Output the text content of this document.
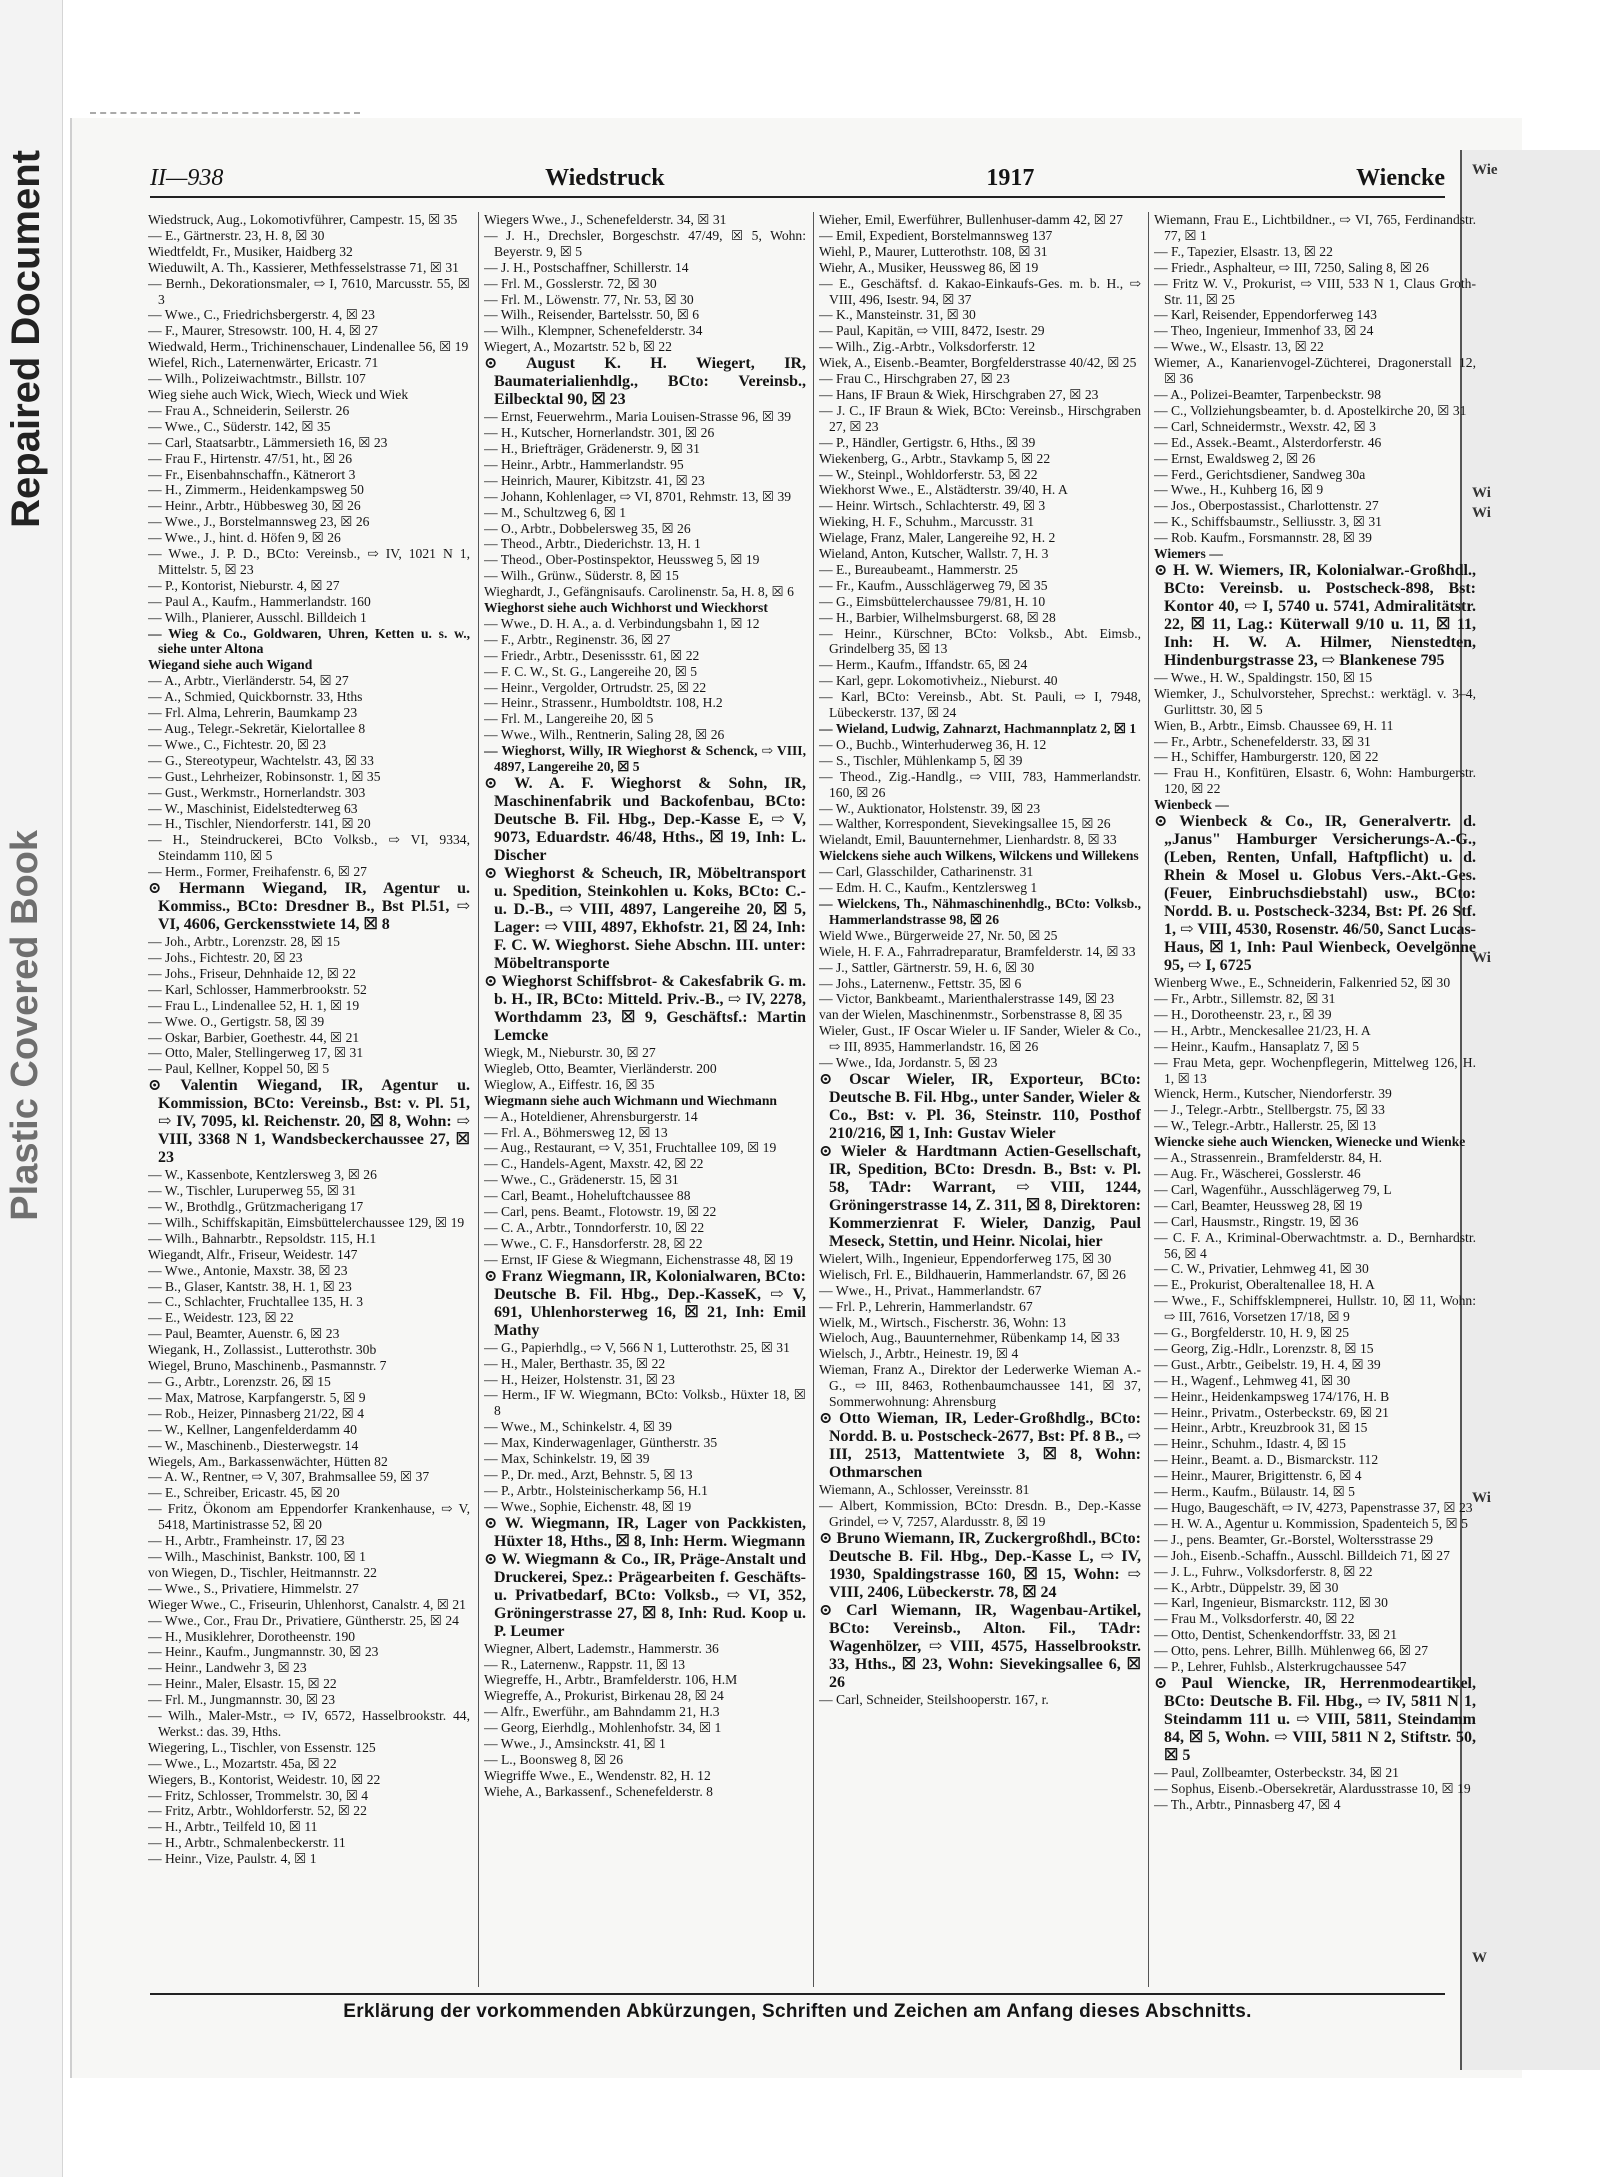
Repaired Document
Plastic Covered Book
Wie
Wi
Wi
Wi
Wi
W
II—938	Wiedstruck	1917	Wiencke
Wiedstruck, Aug., Lokomotivführer, Campestr. 15, ☒ 35
— E., Gärtnerstr. 23, H. 8, ☒ 30
Wiedtfeldt, Fr., Musiker, Haidberg 32
Wieduwilt, A. Th., Kassierer, Methfesselstrasse 71, ☒ 31
— Bernh., Dekorationsmaler, ⇨ I, 7610, Marcusstr. 55, ☒ 3
— Wwe., C., Friedrichsbergerstr. 4, ☒ 23
— F., Maurer, Stresowstr. 100, H. 4, ☒ 27
Wiedwald, Herm., Trichinenschauer, Lindenallee 56, ☒ 19
Wiefel, Rich., Laternenwärter, Ericastr. 71
— Wilh., Polizeiwachtmstr., Billstr. 107
Wieg siehe auch Wick, Wiech, Wieck und Wiek
— Frau A., Schneiderin, Seilerstr. 26
— Wwe., C., Süderstr. 142, ☒ 35
— Carl, Staatsarbtr., Lämmersieth 16, ☒ 23
— Frau F., Hirtenstr. 47/51, ht., ☒ 26
— Fr., Eisenbahnschaffn., Kätnerort 3
— H., Zimmerm., Heidenkampsweg 50
— Heinr., Arbtr., Hübbesweg 30, ☒ 26
— Wwe., J., Borstelmannsweg 23, ☒ 26
— Wwe., J., hint. d. Höfen 9, ☒ 26
— Wwe., J. P. D., BCto: Vereinsb., ⇨ IV, 1021 N 1, Mittelstr. 5, ☒ 23
— P., Kontorist, Nieburstr. 4, ☒ 27
— Paul A., Kaufm., Hammerlandstr. 160
— Wilh., Planierer, Ausschl. Billdeich 1
— Wieg & Co., Goldwaren, Uhren, Ketten u. s. w., siehe unter Altona
Wiegand siehe auch Wigand
— A., Arbtr., Vierländerstr. 54, ☒ 27
— A., Schmied, Quickbornstr. 33, Hths
— Frl. Alma, Lehrerin, Baumkamp 23
— Aug., Telegr.-Sekretär, Kielortallee 8
— Wwe., C., Fichtestr. 20, ☒ 23
— G., Stereotypeur, Wachtelstr. 43, ☒ 33
— Gust., Lehrheizer, Robinsonstr. 1, ☒ 35
— Gust., Werkmstr., Hornerlandstr. 303
— W., Maschinist, Eidelstedterweg 63
— H., Tischler, Niendorferstr. 141, ☒ 20
— H., Steindruckerei, BCto Volksb., ⇨ VI, 9334, Steindamm 110, ☒ 5
— Herm., Former, Freihafenstr. 6, ☒ 27
⊙ Hermann Wiegand, IR, Agentur u. Kommiss., BCto: Dresdner B., Bst Pl.51, ⇨ VI, 4606, Gerckensstwiete 14, ☒ 8
— Joh., Arbtr., Lorenzstr. 28, ☒ 15
— Johs., Fichtestr. 20, ☒ 23
— Johs., Friseur, Dehnhaide 12, ☒ 22
— Karl, Schlosser, Hammerbrookstr. 52
— Frau L., Lindenallee 52, H. 1, ☒ 19
— Wwe. O., Gertigstr. 58, ☒ 39
— Oskar, Barbier, Goethestr. 44, ☒ 21
— Otto, Maler, Stellingerweg 17, ☒ 31
— Paul, Kellner, Koppel 50, ☒ 5
⊙ Valentin Wiegand, IR, Agentur u. Kommission, BCto: Vereinsb., Bst: v. Pl. 51, ⇨ IV, 7095, kl. Reichenstr. 20, ☒ 8, Wohn: ⇨ VIII, 3368 N 1, Wandsbeckerchaussee 27, ☒ 23
— W., Kassenbote, Kentzlersweg 3, ☒ 26
— W., Tischler, Luruperweg 55, ☒ 31
— W., Brothdlg., Grützmacherigang 17
— Wilh., Schiffskapitän, Eimsbüttelerchaussee 129, ☒ 19
— Wilh., Bahnarbtr., Repsoldstr. 115, H.1
Wiegandt, Alfr., Friseur, Weidestr. 147
— Wwe., Antonie, Maxstr. 38, ☒ 23
— B., Glaser, Kantstr. 38, H. 1, ☒ 23
— C., Schlachter, Fruchtallee 135, H. 3
— E., Weidestr. 123, ☒ 22
— Paul, Beamter, Auenstr. 6, ☒ 23
Wiegank, H., Zollassist., Lutterothstr. 30b
Wiegel, Bruno, Maschinenb., Pasmannstr. 7
— G., Arbtr., Lorenzstr. 26, ☒ 15
— Max, Matrose, Karpfangerstr. 5, ☒ 9
— Rob., Heizer, Pinnasberg 21/22, ☒ 4
— W., Kellner, Langenfelderdamm 40
— W., Maschinenb., Diesterwegstr. 14
Wiegels, Am., Barkassenwächter, Hütten 82
— A. W., Rentner, ⇨ V, 307, Brahmsallee 59, ☒ 37
— E., Schreiber, Ericastr. 45, ☒ 20
— Fritz, Ökonom am Eppendorfer Krankenhause, ⇨ V, 5418, Martinistrasse 52, ☒ 20
— H., Arbtr., Framheinstr. 17, ☒ 23
— Wilh., Maschinist, Bankstr. 100, ☒ 1
von Wiegen, D., Tischler, Heitmannstr. 22
— Wwe., S., Privatiere, Himmelstr. 27
Wieger Wwe., C., Friseurin, Uhlenhorst, Canalstr. 4, ☒ 21
— Wwe., Cor., Frau Dr., Privatiere, Güntherstr. 25, ☒ 24
— H., Musiklehrer, Dorotheenstr. 190
— Heinr., Kaufm., Jungmannstr. 30, ☒ 23
— Heinr., Landwehr 3, ☒ 23
— Heinr., Maler, Elsastr. 15, ☒ 22
— Frl. M., Jungmannstr. 30, ☒ 23
— Wilh., Maler-Mstr., ⇨ IV, 6572, Hasselbrookstr. 44, Werkst.: das. 39, Hths.
Wiegering, L., Tischler, von Essenstr. 125
— Wwe., L., Mozartstr. 45a, ☒ 22
Wiegers, B., Kontorist, Weidestr. 10, ☒ 22
— Fritz, Schlosser, Trommelstr. 30, ☒ 4
— Fritz, Arbtr., Wohldorferstr. 52, ☒ 22
— H., Arbtr., Teilfeld 10, ☒ 11
— H., Arbtr., Schmalenbeckerstr. 11
— Heinr., Vize, Paulstr. 4, ☒ 1
Wiegers Wwe., J., Schenefelderstr. 34, ☒ 31
— J. H., Drechsler, Borgeschstr. 47/49, ☒ 5, Wohn: Beyerstr. 9, ☒ 5
— J. H., Postschaffner, Schillerstr. 14
— Frl. M., Gosslerstr. 72, ☒ 30
— Frl. M., Löwenstr. 77, Nr. 53, ☒ 30
— Wilh., Reisender, Bartelsstr. 50, ☒ 6
— Wilh., Klempner, Schenefelderstr. 34
Wiegert, A., Mozartstr. 52 b, ☒ 22
⊙ August K. H. Wiegert, IR, Baumaterialienhdlg., BCto: Vereinsb., Eilbecktal 90, ☒ 23
— Ernst, Feuerwehrm., Maria Louisen-Strasse 96, ☒ 39
— H., Kutscher, Hornerlandstr. 301, ☒ 26
— H., Briefträger, Grädenerstr. 9, ☒ 31
— Heinr., Arbtr., Hammerlandstr. 95
— Heinrich, Maurer, Kibitzstr. 41, ☒ 23
— Johann, Kohlenlager, ⇨ VI, 8701, Rehmstr. 13, ☒ 39
— M., Schultzweg 6, ☒ 1
— O., Arbtr., Dobbelersweg 35, ☒ 26
— Theod., Arbtr., Diederichstr. 13, H. 1
— Theod., Ober-Postinspektor, Heussweg 5, ☒ 19
— Wilh., Grünw., Süderstr. 8, ☒ 15
Wieghardt, J., Gefängnisaufs. Carolinenstr. 5a, H. 8, ☒ 6
Wieghorst siehe auch Wichhorst und Wieckhorst
— Wwe., D. H. A., a. d. Verbindungsbahn 1, ☒ 12
— F., Arbtr., Reginenstr. 36, ☒ 27
— Friedr., Arbtr., Desenissstr. 61, ☒ 22
— F. C. W., St. G., Langereihe 20, ☒ 5
— Heinr., Vergolder, Ortrudstr. 25, ☒ 22
— Heinr., Strassenr., Humboldtstr. 108, H.2
— Frl. M., Langereihe 20, ☒ 5
— Wwe., Wilh., Rentnerin, Saling 28, ☒ 26
— Wieghorst, Willy, IR Wieghorst & Schenck, ⇨ VIII, 4897, Langereihe 20, ☒ 5
⊙ W. A. F. Wieghorst & Sohn, IR, Maschinenfabrik und Backofenbau, BCto: Deutsche B. Fil. Hbg., Dep.-Kasse E, ⇨ V, 9073, Eduardstr. 46/48, Hths., ☒ 19, Inh: L. Discher
⊙ Wieghorst & Scheuch, IR, Möbeltransport u. Spedition, Steinkohlen u. Koks, BCto: C.- u. D.-B., ⇨ VIII, 4897, Langereihe 20, ☒ 5, Lager: ⇨ VIII, 4897, Ekhofstr. 21, ☒ 24, Inh: F. C. W. Wieghorst. Siehe Abschn. III. unter: Möbeltransporte
⊙ Wieghorst Schiffsbrot- & Cakesfabrik G. m. b. H., IR, BCto: Mitteld. Priv.-B., ⇨ IV, 2278, Worthdamm 23, ☒ 9, Geschäftsf.: Martin Lemcke
Wiegk, M., Nieburstr. 30, ☒ 27
Wiegleb, Otto, Beamter, Vierländerstr. 200
Wieglow, A., Eiffestr. 16, ☒ 35
Wiegmann siehe auch Wichmann und Wiechmann
— A., Hoteldiener, Ahrensburgerstr. 14
— Frl. A., Böhmersweg 12, ☒ 13
— Aug., Restaurant, ⇨ V, 351, Fruchtallee 109, ☒ 19
— C., Handels-Agent, Maxstr. 42, ☒ 22
— Wwe., C., Grädenerstr. 15, ☒ 31
— Carl, Beamt., Hoheluftchaussee 88
— Carl, pens. Beamt., Flotowstr. 19, ☒ 22
— C. A., Arbtr., Tonndorferstr. 10, ☒ 22
— Wwe., C. F., Hansdorferstr. 28, ☒ 22
— Ernst, IF Giese & Wiegmann, Eichenstrasse 48, ☒ 19
⊙ Franz Wiegmann, IR, Kolonialwaren, BCto: Deutsche B. Fil. Hbg., Dep.-KasseK, ⇨ V, 691, Uhlenhorsterweg 16, ☒ 21, Inh: Emil Mathy
— G., Papierhdlg., ⇨ V, 566 N 1, Lutterothstr. 25, ☒ 31
— H., Maler, Berthastr. 35, ☒ 22
— H., Heizer, Holstenstr. 31, ☒ 23
— Herm., IF W. Wiegmann, BCto: Volksb., Hüxter 18, ☒ 8
— Wwe., M., Schinkelstr. 4, ☒ 39
— Max, Kinderwagenlager, Güntherstr. 35
— Max, Schinkelstr. 19, ☒ 39
— P., Dr. med., Arzt, Behnstr. 5, ☒ 13
— P., Arbtr., Holsteinischerkamp 56, H.1
— Wwe., Sophie, Eichenstr. 48, ☒ 19
⊙ W. Wiegmann, IR, Lager von Packkisten, Hüxter 18, Hths., ☒ 8, Inh: Herm. Wiegmann
⊙ W. Wiegmann & Co., IR, Präge-Anstalt und Druckerei, Spez.: Prägearbeiten f. Geschäfts- u. Privatbedarf, BCto: Volksb., ⇨ VI, 352, Gröningerstrasse 27, ☒ 8, Inh: Rud. Koop u. P. Leumer
Wiegner, Albert, Lademstr., Hammerstr. 36
— R., Laternenw., Rappstr. 11, ☒ 13
Wiegreffe, H., Arbtr., Bramfelderstr. 106, H.M
Wiegreffe, A., Prokurist, Birkenau 28, ☒ 24
— Alfr., Ewerführ., am Bahndamm 21, H.3
— Georg, Eierhdlg., Mohlenhofstr. 34, ☒ 1
— Wwe., J., Amsinckstr. 41, ☒ 1
— L., Boonsweg 8, ☒ 26
Wiegriffe Wwe., E., Wendenstr. 82, H. 12
Wiehe, A., Barkassenf., Schenefelderstr. 8
Wieher, Emil, Ewerführer, Bullenhuser-damm 42, ☒ 27
— Emil, Expedient, Borstelmannsweg 137
Wiehl, P., Maurer, Lutterothstr. 108, ☒ 31
Wiehr, A., Musiker, Heussweg 86, ☒ 19
— E., Geschäftsf. d. Kakao-Einkaufs-Ges. m. b. H., ⇨ VIII, 496, Isestr. 94, ☒ 37
— K., Mansteinstr. 31, ☒ 30
— Paul, Kapitän, ⇨ VIII, 8472, Isestr. 29
— Wilh., Zig.-Arbtr., Volksdorferstr. 12
Wiek, A., Eisenb.-Beamter, Borgfelderstrasse 40/42, ☒ 25
— Frau C., Hirschgraben 27, ☒ 23
— Hans, IF Braun & Wiek, Hirschgraben 27, ☒ 23
— J. C., IF Braun & Wiek, BCto: Vereinsb., Hirschgraben 27, ☒ 23
— P., Händler, Gertigstr. 6, Hths., ☒ 39
Wiekenberg, G., Arbtr., Stavkamp 5, ☒ 22
— W., Steinpl., Wohldorferstr. 53, ☒ 22
Wiekhorst Wwe., E., Alstädterstr. 39/40, H. A
— Heinr. Wirtsch., Schlachterstr. 49, ☒ 3
Wieking, H. F., Schuhm., Marcusstr. 31
Wielage, Franz, Maler, Langereihe 92, H. 2
Wieland, Anton, Kutscher, Wallstr. 7, H. 3
— E., Bureaubeamt., Hammerstr. 25
— Fr., Kaufm., Ausschlägerweg 79, ☒ 35
— G., Eimsbüttelerchaussee 79/81, H. 10
— H., Barbier, Wilhelmsburgerst. 68, ☒ 28
— Heinr., Kürschner, BCto: Volksb., Abt. Eimsb., Grindelberg 35, ☒ 13
— Herm., Kaufm., Iffandstr. 65, ☒ 24
— Karl, gepr. Lokomotivheiz., Nieburst. 40
— Karl, BCto: Vereinsb., Abt. St. Pauli, ⇨ I, 7948, Lübeckerstr. 137, ☒ 24
— Wieland, Ludwig, Zahnarzt, Hachmannplatz 2, ☒ 1
— O., Buchb., Winterhuderweg 36, H. 12
— S., Tischler, Mühlenkamp 5, ☒ 39
— Theod., Zig.-Handlg., ⇨ VIII, 783, Hammerlandstr. 160, ☒ 26
— W., Auktionator, Holstenstr. 39, ☒ 23
— Walther, Korrespondent, Sievekingsallee 15, ☒ 26
Wielandt, Emil, Bauunternehmer, Lienhardstr. 8, ☒ 33
Wielckens siehe auch Wilkens, Wilckens und Willekens
— Carl, Glasschilder, Catharinenstr. 31
— Edm. H. C., Kaufm., Kentzlersweg 1
— Wielckens, Th., Nähmaschinenhdlg., BCto: Volksb., Hammerlandstrasse 98, ☒ 26
Wield Wwe., Bürgerweide 27, Nr. 50, ☒ 25
Wiele, H. F. A., Fahrradreparatur, Bramfelderstr. 14, ☒ 33
— J., Sattler, Gärtnerstr. 59, H. 6, ☒ 30
— Johs., Laternenw., Fettstr. 35, ☒ 6
— Victor, Bankbeamt., Marienthalerstrasse 149, ☒ 23
van der Wielen, Maschinenmstr., Sorbenstrasse 8, ☒ 35
Wieler, Gust., IF Oscar Wieler u. IF Sander, Wieler & Co., ⇨ III, 8935, Hammerlandstr. 16, ☒ 26
— Wwe., Ida, Jordanstr. 5, ☒ 23
⊙ Oscar Wieler, IR, Exporteur, BCto: Deutsche B. Fil. Hbg., unter Sander, Wieler & Co., Bst: v. Pl. 36, Steinstr. 110, Posthof 210/216, ☒ 1, Inh: Gustav Wieler
⊙ Wieler & Hardtmann Actien-Gesellschaft, IR, Spedition, BCto: Dresdn. B., Bst: v. Pl. 58, TAdr: Warrant, ⇨ VIII, 1244, Gröningerstrasse 14, Z. 311, ☒ 8, Direktoren: Kommerzienrat F. Wieler, Danzig, Paul Meseck, Stettin, und Heinr. Nicolai, hier
Wielert, Wilh., Ingenieur, Eppendorferweg 175, ☒ 30
Wielisch, Frl. E., Bildhauerin, Hammerlandstr. 67, ☒ 26
— Wwe., H., Privat., Hammerlandstr. 67
— Frl. P., Lehrerin, Hammerlandstr. 67
Wielk, M., Wirtsch., Fischerstr. 36, Wohn: 13
Wieloch, Aug., Bauunternehmer, Rübenkamp 14, ☒ 33
Wielsch, J., Arbtr., Heinestr. 19, ☒ 4
Wieman, Franz A., Direktor der Lederwerke Wieman A.-G., ⇨ III, 8463, Rothenbaumchaussee 141, ☒ 37, Sommerwohnung: Ahrensburg
⊙ Otto Wieman, IR, Leder-Großhdlg., BCto: Nordd. B. u. Postscheck-2677, Bst: Pf. 8 B., ⇨ III, 2513, Mattentwiete 3, ☒ 8, Wohn: Othmarschen
Wiemann, A., Schlosser, Vereinsstr. 81
— Albert, Kommission, BCto: Dresdn. B., Dep.-Kasse Grindel, ⇨ V, 7257, Alardusstr. 8, ☒ 19
⊙ Bruno Wiemann, IR, Zuckergroßhdl., BCto: Deutsche B. Fil. Hbg., Dep.-Kasse L, ⇨ IV, 1930, Spaldingstrasse 160, ☒ 15, Wohn: ⇨ VIII, 2406, Lübeckerstr. 78, ☒ 24
⊙ Carl Wiemann, IR, Wagenbau-Artikel, BCto: Vereinsb., Alton. Fil., TAdr: Wagenhölzer, ⇨ VIII, 4575, Hasselbrookstr. 33, Hths., ☒ 23, Wohn: Sievekingsallee 6, ☒ 26
— Carl, Schneider, Steilshooperstr. 167, r.
Wiemann, Frau E., Lichtbildner., ⇨ VI, 765, Ferdinandstr. 77, ☒ 1
— F., Tapezier, Elsastr. 13, ☒ 22
— Friedr., Asphalteur, ⇨ III, 7250, Saling 8, ☒ 26
— Fritz W. V., Prokurist, ⇨ VIII, 533 N 1, Claus Groth-Str. 11, ☒ 25
— Karl, Reisender, Eppendorferweg 143
— Theo, Ingenieur, Immenhof 33, ☒ 24
— Wwe., W., Elsastr. 13, ☒ 22
Wiemer, A., Kanarienvogel-Züchterei, Dragonerstall 12, ☒ 36
— A., Polizei-Beamter, Tarpenbeckstr. 98
— C., Vollziehungsbeamter, b. d. Apostelkirche 20, ☒ 31
— Carl, Schneidermstr., Wexstr. 42, ☒ 3
— Ed., Assek.-Beamt., Alsterdorferstr. 46
— Ernst, Ewaldsweg 2, ☒ 26
— Ferd., Gerichtsdiener, Sandweg 30a
— Wwe., H., Kuhberg 16, ☒ 9
— Jos., Oberpostassist., Charlottenstr. 27
— K., Schiffsbaumstr., Selliusstr. 3, ☒ 31
— Rob. Kaufm., Forsmannstr. 28, ☒ 39
Wiemers —
⊙ H. W. Wiemers, IR, Kolonialwar.-Großhdl., BCto: Vereinsb. u. Postscheck-898, Bst: Kontor 40, ⇨ I, 5740 u. 5741, Admiralitätstr. 22, ☒ 11, Lag.: Küterwall 9/10 u. 11, ☒ 11, Inh: H. W. A. Hilmer, Nienstedten, Hindenburgstrasse 23, ⇨ Blankenese 795
— Wwe., H. W., Spaldingstr. 150, ☒ 15
Wiemker, J., Schulvorsteher, Sprechst.: werktägl. v. 3–4, Gurlittstr. 30, ☒ 5
Wien, B., Arbtr., Eimsb. Chaussee 69, H. 11
— Fr., Arbtr., Schenefelderstr. 33, ☒ 31
— H., Schiffer, Hamburgerstr. 120, ☒ 22
— Frau H., Konfitüren, Elsastr. 6, Wohn: Hamburgerstr. 120, ☒ 22
Wienbeck —
⊙ Wienbeck & Co., IR, Generalvertr. d. „Janus" Hamburger Versicherungs-A.-G., (Leben, Renten, Unfall, Haftpflicht) u. d. Rhein & Mosel u. Globus Vers.-Akt.-Ges. (Feuer, Einbruchsdiebstahl) usw., BCto: Nordd. B. u. Postscheck-3234, Bst: Pf. 26 Stf. 1, ⇨ VIII, 4530, Rosenstr. 46/50, Sanct Lucas-Haus, ☒ 1, Inh: Paul Wienbeck, Oevelgönne 95, ⇨ I, 6725
Wienberg Wwe., E., Schneiderin, Falkenried 52, ☒ 30
— Fr., Arbtr., Sillemstr. 82, ☒ 31
— H., Dorotheenstr. 23, r., ☒ 39
— H., Arbtr., Menckesallee 21/23, H. A
— Heinr., Kaufm., Hansaplatz 7, ☒ 5
— Frau Meta, gepr. Wochenpflegerin, Mittelweg 126, H. 1, ☒ 13
Wienck, Herm., Kutscher, Niendorferstr. 39
— J., Telegr.-Arbtr., Stellbergstr. 75, ☒ 33
— W., Telegr.-Arbtr., Hallerstr. 25, ☒ 13
Wiencke siehe auch Wiencken, Wienecke und Wienke
— A., Strassenrein., Bramfelderstr. 84, H.
— Aug. Fr., Wäscherei, Gosslerstr. 46
— Carl, Wagenführ., Ausschlägerweg 79, L
— Carl, Beamter, Heussweg 28, ☒ 19
— Carl, Hausmstr., Ringstr. 19, ☒ 36
— C. F. A., Kriminal-Oberwachtmstr. a. D., Bernhardstr. 56, ☒ 4
— C. W., Privatier, Lehmweg 41, ☒ 30
— E., Prokurist, Oberaltenallee 18, H. A
— Wwe., F., Schiffsklempnerei, Hullstr. 10, ☒ 11, Wohn: ⇨ III, 7616, Vorsetzen 17/18, ☒ 9
— G., Borgfelderstr. 10, H. 9, ☒ 25
— Georg, Zig.-Hdlr., Lorenzstr. 8, ☒ 15
— Gust., Arbtr., Geibelstr. 19, H. 4, ☒ 39
— H., Wagenf., Lehmweg 41, ☒ 30
— Heinr., Heidenkampsweg 174/176, H. B
— Heinr., Privatm., Osterbeckstr. 69, ☒ 21
— Heinr., Arbtr., Kreuzbrook 31, ☒ 15
— Heinr., Schuhm., Idastr. 4, ☒ 15
— Heinr., Beamt. a. D., Bismarckstr. 112
— Heinr., Maurer, Brigittenstr. 6, ☒ 4
— Herm., Kaufm., Bülaustr. 14, ☒ 5
— Hugo, Baugeschäft, ⇨ IV, 4273, Papenstrasse 37, ☒ 23
— H. W. A., Agentur u. Kommission, Spadenteich 5, ☒ 5
— J., pens. Beamter, Gr.-Borstel, Woltersstrasse 29
— Joh., Eisenb.-Schaffn., Ausschl. Billdeich 71, ☒ 27
— J. L., Fuhrw., Volksdorferstr. 8, ☒ 22
— K., Arbtr., Düppelstr. 39, ☒ 30
— Karl, Ingenieur, Bismarckstr. 112, ☒ 30
— Frau M., Volksdorferstr. 40, ☒ 22
— Otto, Dentist, Schenkendorffstr. 33, ☒ 21
— Otto, pens. Lehrer, Billh. Mühlenweg 66, ☒ 27
— P., Lehrer, Fuhlsb., Alsterkrugchaussee 547
⊙ Paul Wiencke, IR, Herrenmodeartikel, BCto: Deutsche B. Fil. Hbg., ⇨ IV, 5811 N 1, Steindamm 111 u. ⇨ VIII, 5811, Steindamm 84, ☒ 5, Wohn. ⇨ VIII, 5811 N 2, Stiftstr. 50, ☒ 5
— Paul, Zollbeamter, Osterbeckstr. 34, ☒ 21
— Sophus, Eisenb.-Obersekretär, Alardusstrasse 10, ☒ 19
— Th., Arbtr., Pinnasberg 47, ☒ 4
Erklärung der vorkommenden Abkürzungen, Schriften und Zeichen am Anfang dieses Abschnitts.
